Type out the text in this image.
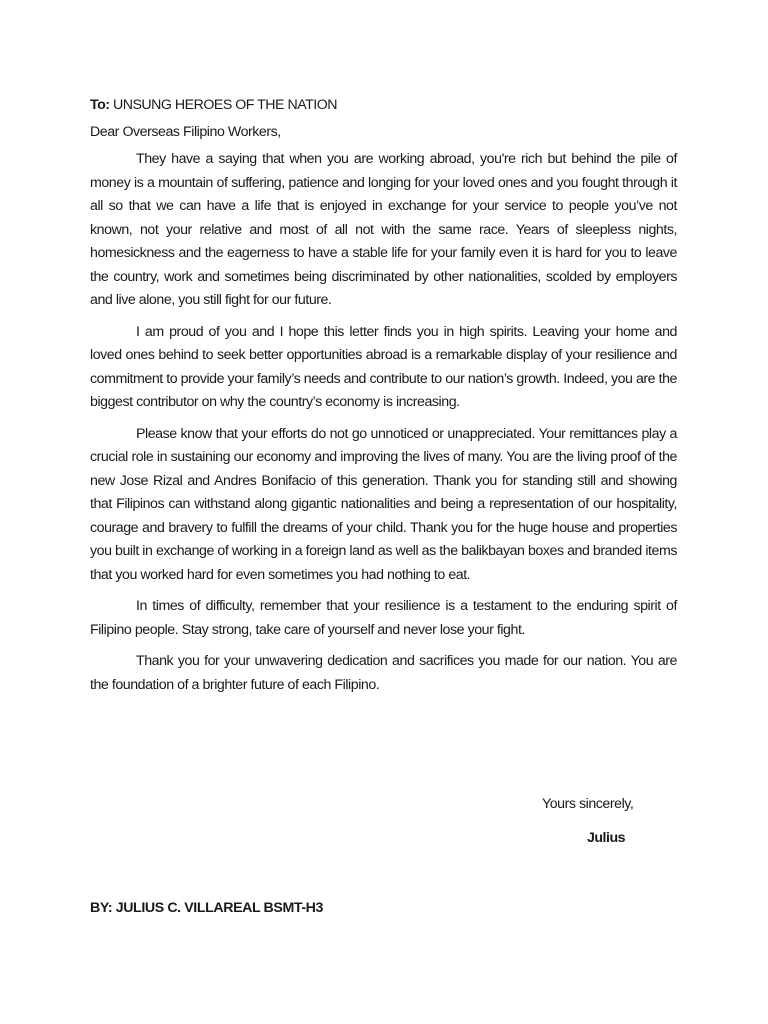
To: UNSUNG HEROES OF THE NATION

Dear Overseas Filipino Workers,

They have a saying that when you are working abroad, you're rich but behind the pile of money is a mountain of suffering, patience and longing for your loved ones and you fought through it all so that we can have a life that is enjoyed in exchange for your service to people you’ve not known, not your relative and most of all not with the same race. Years of sleepless nights, homesickness and the eagerness to have a stable life for your family even it is hard for you to leave the country, work and sometimes being discriminated by other nationalities, scolded by employers and live alone, you still fight for our future.

I am proud of you and I hope this letter finds you in high spirits. Leaving your home and loved ones behind to seek better opportunities abroad is a remarkable display of your resilience and commitment to provide your family’s needs and contribute to our nation’s growth. Indeed, you are the biggest contributor on why the country’s economy is increasing.

Please know that your efforts do not go unnoticed or unappreciated. Your remittances play a crucial role in sustaining our economy and improving the lives of many. You are the living proof of the new Jose Rizal and Andres Bonifacio of this generation. Thank you for standing still and showing that Filipinos can withstand along gigantic nationalities and being a representation of our hospitality, courage and bravery to fulfill the dreams of your child. Thank you for the huge house and properties you built in exchange of working in a foreign land as well as the balikbayan boxes and branded items that you worked hard for even sometimes you had nothing to eat.

In times of difficulty, remember that your resilience is a testament to the enduring spirit of Filipino people. Stay strong, take care of yourself and never lose your fight.

Thank you for your unwavering dedication and sacrifices you made for our nation. You are the foundation of a brighter future of each Filipino.

Yours sincerely,
Julius
BY: JULIUS C. VILLAREAL BSMT-H3
